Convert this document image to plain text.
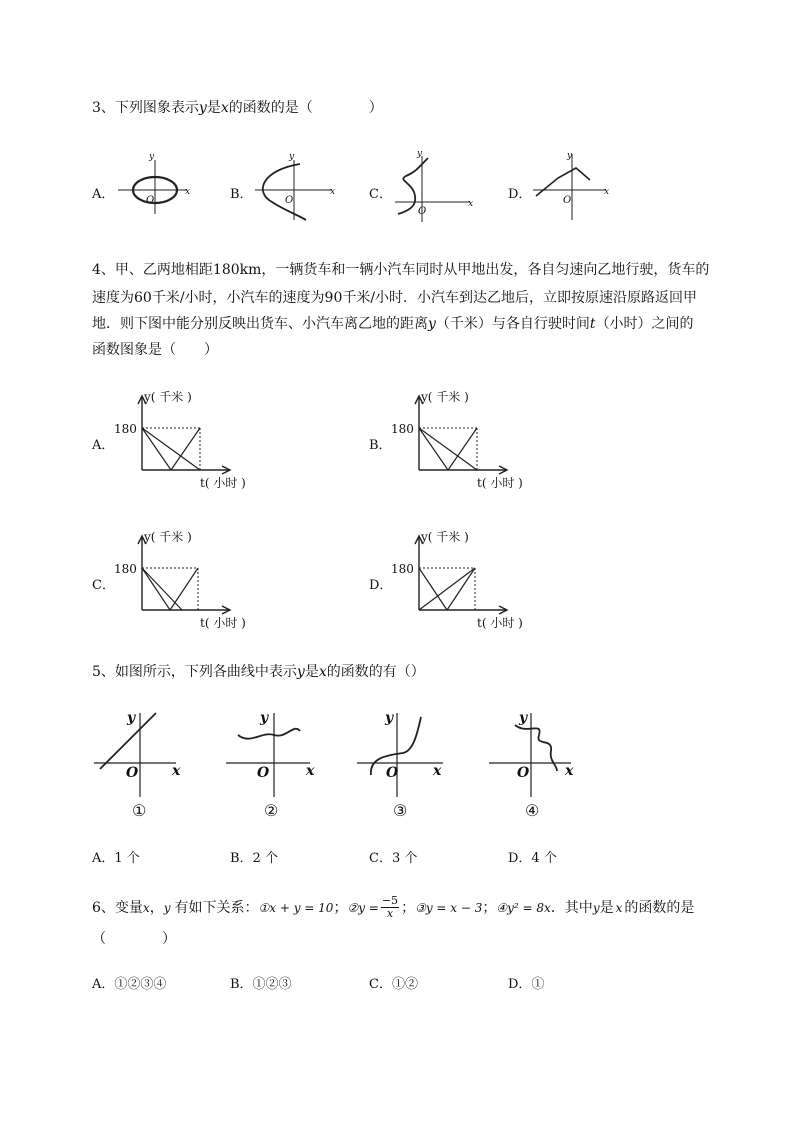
3、下列图象表示y是x的函数的是（　　　　）
A．
y
x
O	B．
y
x
O	C．
y
x
O
D．
y
x
O
4、甲、乙两地相距180km，一辆货车和一辆小汽车同时从甲地出发，各自匀速向乙地行驶，货车的
速度为60千米/小时，小汽车的速度为90千米/小时．小汽车到达乙地后，立即按原速沿原路返回甲
地．则下图中能分别反映出货车、小汽车离乙地的距离y（千米）与各自行驶时间t（小时）之间的
函数图象是（　　）
A．
180
y( 千米 )
t( 小时 )
B．
180
y( 千米 )
t( 小时 )
C．
180
y( 千米 )
t( 小时 )
D．
180
y( 千米 )
t( 小时 )
5、如图所示，下列各曲线中表示y是x的函数的有（）
y
x
O
①
y
x
O
②
y
x
O
③
y
x
O
④
A．1 个	B．2 个	C．3 个	D．4 个
6、变量 x ， y 有如下关系： ①x + y = 10 ； ②y = $\frac{-5}{x}$ ； ③y = x − 3 ； ④y² = 8x ．其中 y 是 x 的函数的是
（　　　　）
A．①②③④	B．①②③	C．①②	D．①
